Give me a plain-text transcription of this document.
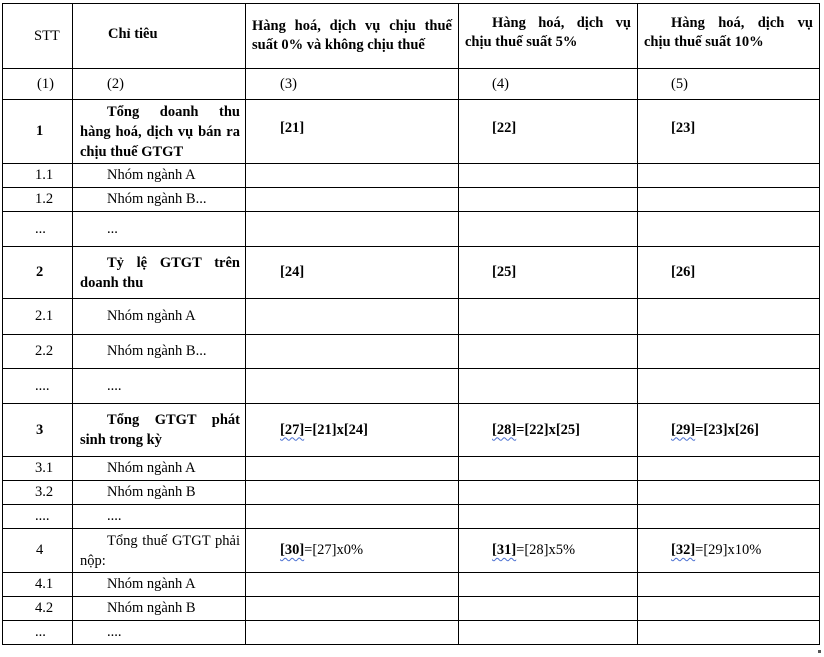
STT	Chỉ tiêu	Hàng hoá, dịch vụ chịu thuế suất 0% và không chịu thuế	Hàng hoá, dịch vụ chịu thuế suất 5%	Hàng hoá, dịch vụ chịu thuế suất 10%
(1)	(2)	(3)	(4)	(5)
1	Tổng doanh thu hàng hoá, dịch vụ bán ra chịu thuế GTGT	[21]	[22]	[23]
1.1	Nhóm ngành A			
1.2	Nhóm ngành B...			
...	...			
2	Tỷ lệ GTGT trên doanh thu	[24]	[25]	[26]
2.1	Nhóm ngành A			
2.2	Nhóm ngành B...			
....	....			
3	Tổng GTGT phát sinh trong kỳ	[27]=[21]x[24]	[28]=[22]x[25]	[29]=[23]x[26]
3.1	Nhóm ngành A			
3.2	Nhóm ngành B			
....	....			
4	Tổng thuế GTGT phải nộp:	[30]=[27]x0%	[31]=[28]x5%	[32]=[29]x10%
4.1	Nhóm ngành A			
4.2	Nhóm ngành B			
...	....			
